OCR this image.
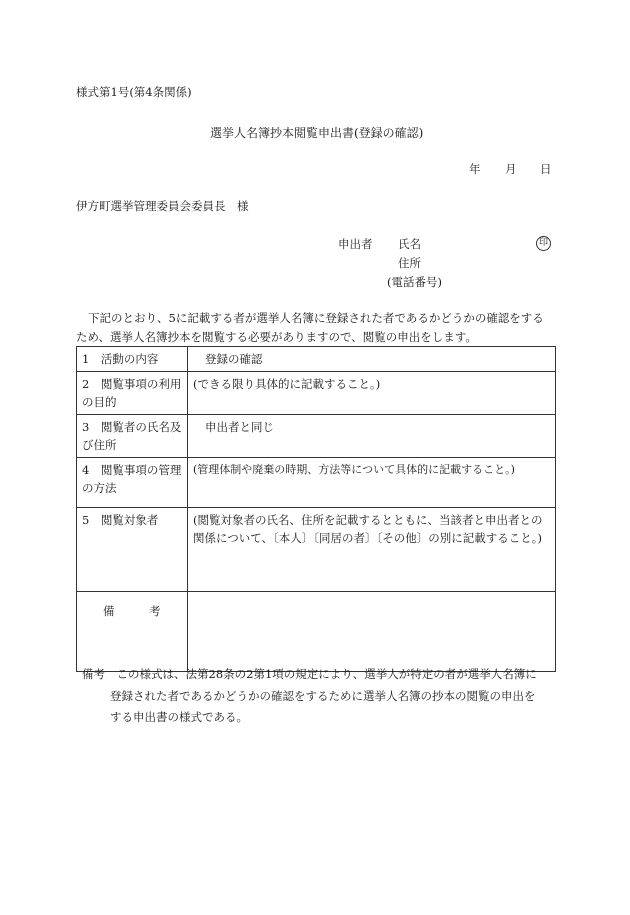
様式第1号(第4条関係)
選挙人名簿抄本閲覧申出書(登録の確認)
年 月 日
伊方町選挙管理委員会委員長　様
申出者 氏名	印
住所
(電話番号)
下記のとおり、5に記載する者が選挙人名簿に登録された者であるかどうかの確認をする
ため、選挙人名簿抄本を閲覧する必要がありますので、閲覧の申出をします。
1　活動の内容	登録の確認
2　閲覧事項の利用の目的	(できる限り具体的に記載すること。)
3　閲覧者の氏名及び住所	申出者と同じ
4　閲覧事項の管理の方法	(管理体制や廃棄の時期、方法等について具体的に記載すること。)
5　閲覧対象者	(閲覧対象者の氏名、住所を記載するとともに、当該者と申出者との関係について、〔本人〕〔同居の者〕〔その他〕の別に記載すること。)
備　　　考	
備考　この様式は、法第28条の2第1項の規定により、選挙人が特定の者が選挙人名簿に
登録された者であるかどうかの確認をするために選挙人名簿の抄本の閲覧の申出を
する申出書の様式である。
